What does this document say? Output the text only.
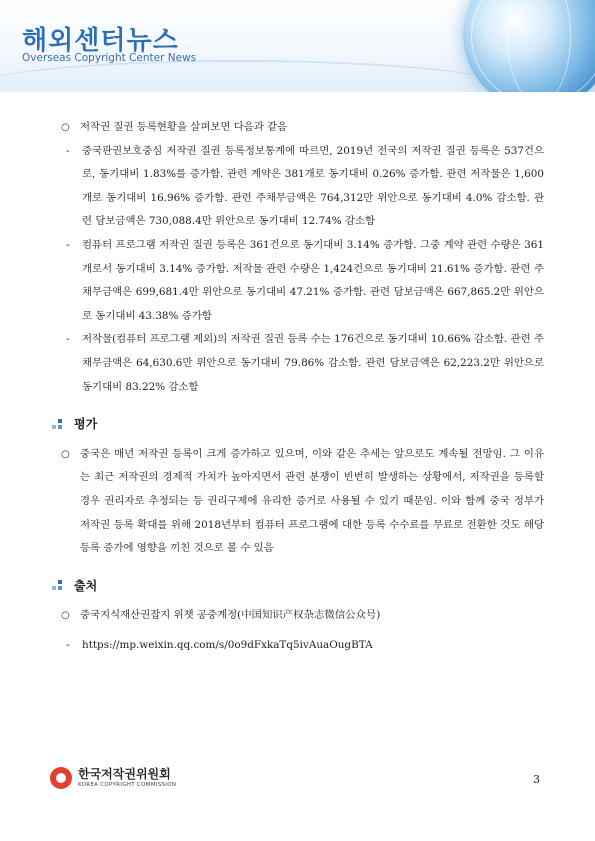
해외센터뉴스
Overseas Copyright Center News
○ 저작권 질권 등록현황을 살펴보면 다음과 같음
- 중국판권보호중심 저작권 질권 등록정보통계에 따르면, 2019년 전국의 저작권 질권 등록은 537건으로, 동기대비 1.83%를 증가함. 관련 계약은 381개로 동기대비 0.26% 증가함. 관련 저작물은 1,600개로 동기대비 16.96% 증가함. 관련 주채무금액은 764,312만 위안으로 동기대비 4.0% 감소함. 관련 담보금액은 730,088.4만 위안으로 동기대비 12.74% 감소함
- 컴퓨터 프로그램 저작권 질권 등록은 361건으로 동기대비 3.14% 증가함. 그중 계약 관련 수량은 361개로서 동기대비 3.14% 증가함. 저작물 관련 수량은 1,424건으로 동기대비 21.61% 증가함. 관련 주채무금액은 699,681.4만 위안으로 동기대비 47.21% 증가함. 관련 담보금액은 667,865.2만 위안으로 동기대비 43.38% 증가함
- 저작물(컴퓨터 프로그램 제외)의 저작권 질권 등록 수는 176건으로 동기대비 10.66% 감소함. 관련 주채무금액은 64,630.6만 위안으로 동기대비 79.86% 감소함. 관련 담보금액은 62,223.2만 위안으로 동기대비 83.22% 감소함
평가
○ 중국은 매년 저작권 등록이 크게 증가하고 있으며, 이와 같은 추세는 앞으로도 계속될 전망임. 그 이유는 최근 저작권의 경제적 가치가 높아지면서 관련 분쟁이 빈번히 발생하는 상황에서, 저작권을 등록할 경우 권리자로 추정되는 등 권리구제에 유리한 증거로 사용될 수 있기 때문임. 이와 함께 중국 정부가 저작권 등록 확대를 위해 2018년부터 컴퓨터 프로그램에 대한 등록 수수료를 무료로 전환한 것도 해당 등록 증가에 영향을 끼친 것으로 볼 수 있음
출처
○ 중국지식재산권잡지 위챗 공중계정(中国知识产权杂志微信公众号)
- https://mp.weixin.qq.com/s/0o9dFxkaTq5ivAuaOugBTA
한국저작권위원회
KOREA COPYRIGHT COMMISSION	3
